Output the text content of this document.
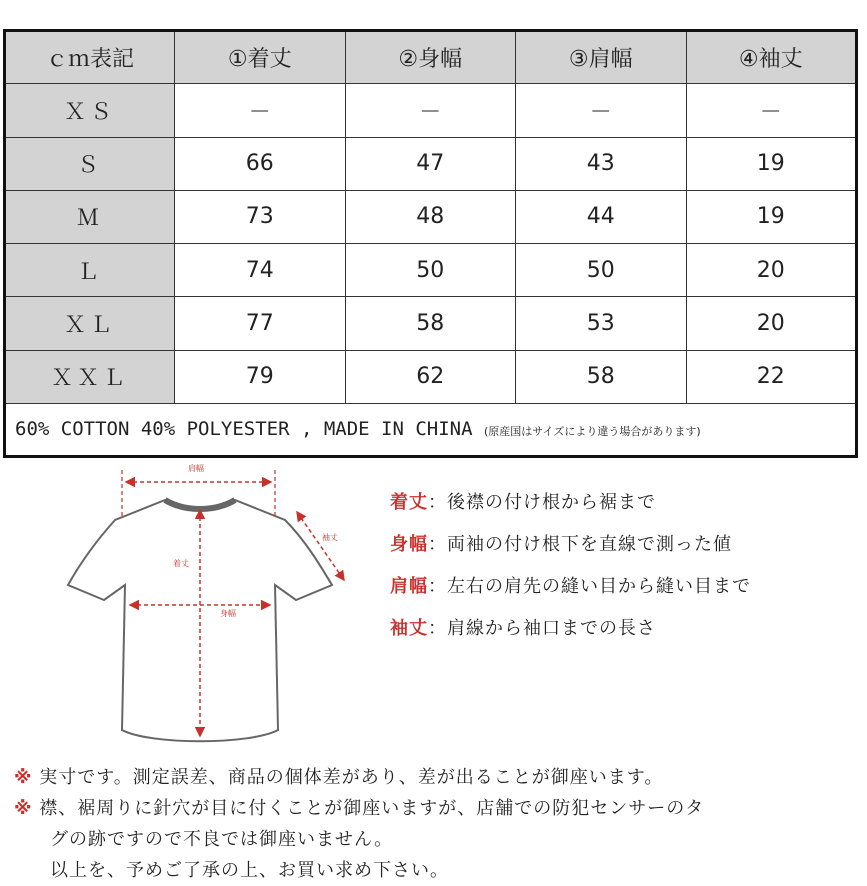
ｃｍ表記	①着丈	②身幅	③肩幅	④袖丈
ＸＳ	－	－	－	－
Ｓ	66	47	43	19
Ｍ	73	48	44	19
Ｌ	74	50	50	20
ＸＬ	77	58	53	20
ＸＸＬ	79	62	58	22
60% COTTON 40% POLYESTER , MADE IN CHINA (原産国はサイズにより違う場合があります)				
肩幅
袖丈
着丈
身幅
着丈：後襟の付け根から裾まで
身幅：両袖の付け根下を直線で測った値
肩幅：左右の肩先の縫い目から縫い目まで
袖丈：肩線から袖口までの長さ
※ 実寸です。測定誤差、商品の個体差があり、差が出ることが御座います。
※ 襟、裾周りに針穴が目に付くことが御座いますが、店舗での防犯センサーのタ
グの跡ですので不良では御座いません。
以上を、予めご了承の上、お買い求め下さい。
